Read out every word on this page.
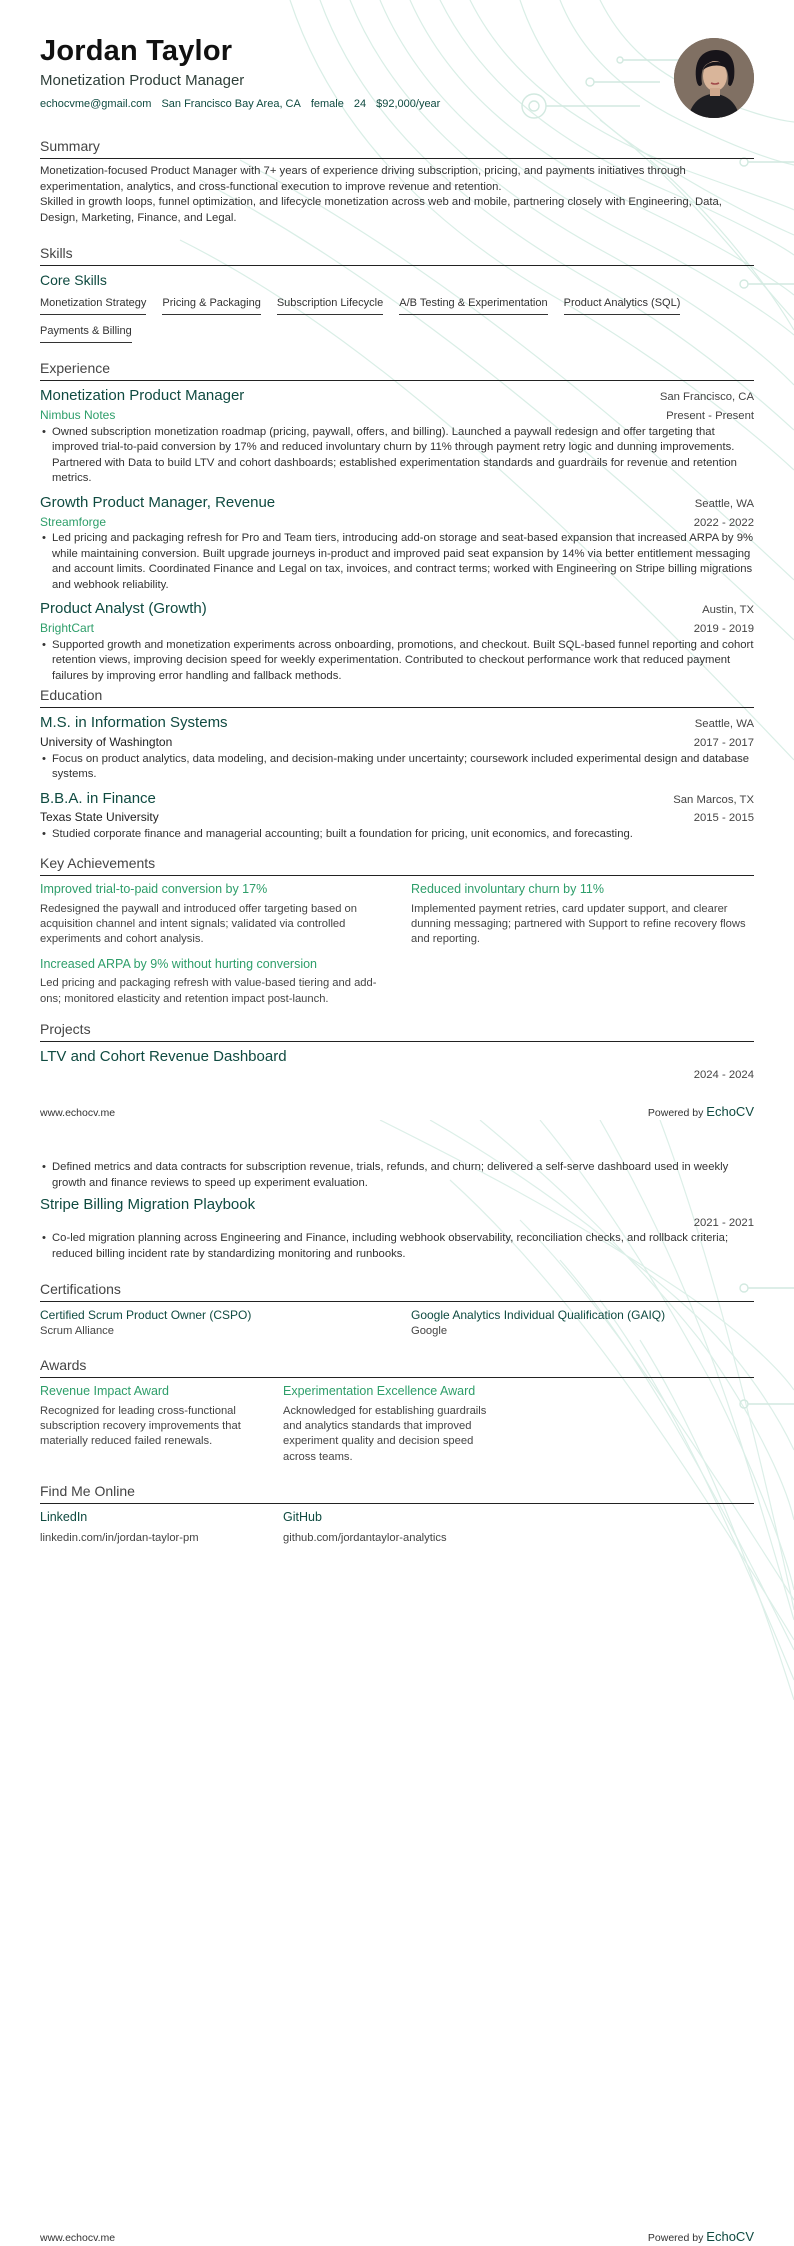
Jordan Taylor
Monetization Product Manager
echocvme@gmail.com San Francisco Bay Area, CA female 24 $92,000/year
Summary

Monetization-focused Product Manager with 7+ years of experience driving subscription, pricing, and payments initiatives through experimentation, analytics, and cross-functional execution to improve revenue and retention.

Skilled in growth loops, funnel optimization, and lifecycle monetization across web and mobile, partnering closely with Engineering, Data, Design, Marketing, Finance, and Legal.

Skills
Core Skills
Monetization Strategy Pricing & Packaging Subscription Lifecycle A/B Testing & Experimentation Product Analytics (SQL)
Payments & Billing
Experience
Monetization Product Manager	San Francisco, CA
Nimbus Notes	Present - Present
• Owned subscription monetization roadmap (pricing, paywall, offers, and billing). Launched a paywall redesign and offer targeting that improved trial-to-paid conversion by 17% and reduced involuntary churn by 11% through payment retry logic and dunning improvements. Partnered with Data to build LTV and cohort dashboards; established experimentation standards and guardrails for revenue and retention metrics.
Growth Product Manager, Revenue	Seattle, WA
Streamforge	2022 - 2022
• Led pricing and packaging refresh for Pro and Team tiers, introducing add-on storage and seat-based expansion that increased ARPA by 9% while maintaining conversion. Built upgrade journeys in-product and improved paid seat expansion by 14% via better entitlement messaging and account limits. Coordinated Finance and Legal on tax, invoices, and contract terms; worked with Engineering on Stripe billing migrations and webhook reliability.
Product Analyst (Growth)	Austin, TX
BrightCart	2019 - 2019
• Supported growth and monetization experiments across onboarding, promotions, and checkout. Built SQL-based funnel reporting and cohort retention views, improving decision speed for weekly experimentation. Contributed to checkout performance work that reduced payment failures by improving error handling and fallback methods.
Education
M.S. in Information Systems	Seattle, WA
University of Washington	2017 - 2017
• Focus on product analytics, data modeling, and decision-making under uncertainty; coursework included experimental design and database systems.
B.B.A. in Finance	San Marcos, TX
Texas State University	2015 - 2015
• Studied corporate finance and managerial accounting; built a foundation for pricing, unit economics, and forecasting.
Key Achievements
Improved trial-to-paid conversion by 17%
Redesigned the paywall and introduced offer targeting based on acquisition channel and intent signals; validated via controlled experiments and cohort analysis.
Reduced involuntary churn by 11%
Implemented payment retries, card updater support, and clearer dunning messaging; partnered with Support to refine recovery flows and reporting.
Increased ARPA by 9% without hurting conversion
Led pricing and packaging refresh with value-based tiering and add-ons; monitored elasticity and retention impact post-launch.
Projects
LTV and Cohort Revenue Dashboard
2024 - 2024
www.echocv.me	Powered by EchoCV
• Defined metrics and data contracts for subscription revenue, trials, refunds, and churn; delivered a self-serve dashboard used in weekly growth and finance reviews to speed up experiment evaluation.
Stripe Billing Migration Playbook
2021 - 2021
• Co-led migration planning across Engineering and Finance, including webhook observability, reconciliation checks, and rollback criteria; reduced billing incident rate by standardizing monitoring and runbooks.
Certifications
Certified Scrum Product Owner (CSPO)
Scrum Alliance
Google Analytics Individual Qualification (GAIQ)
Google
Awards
Revenue Impact Award
Recognized for leading cross-functional subscription recovery improvements that materially reduced failed renewals.
Experimentation Excellence Award
Acknowledged for establishing guardrails and analytics standards that improved experiment quality and decision speed across teams.
Find Me Online
LinkedIn
linkedin.com/in/jordan-taylor-pm
GitHub
github.com/jordantaylor-analytics
www.echocv.me	Powered by EchoCV
